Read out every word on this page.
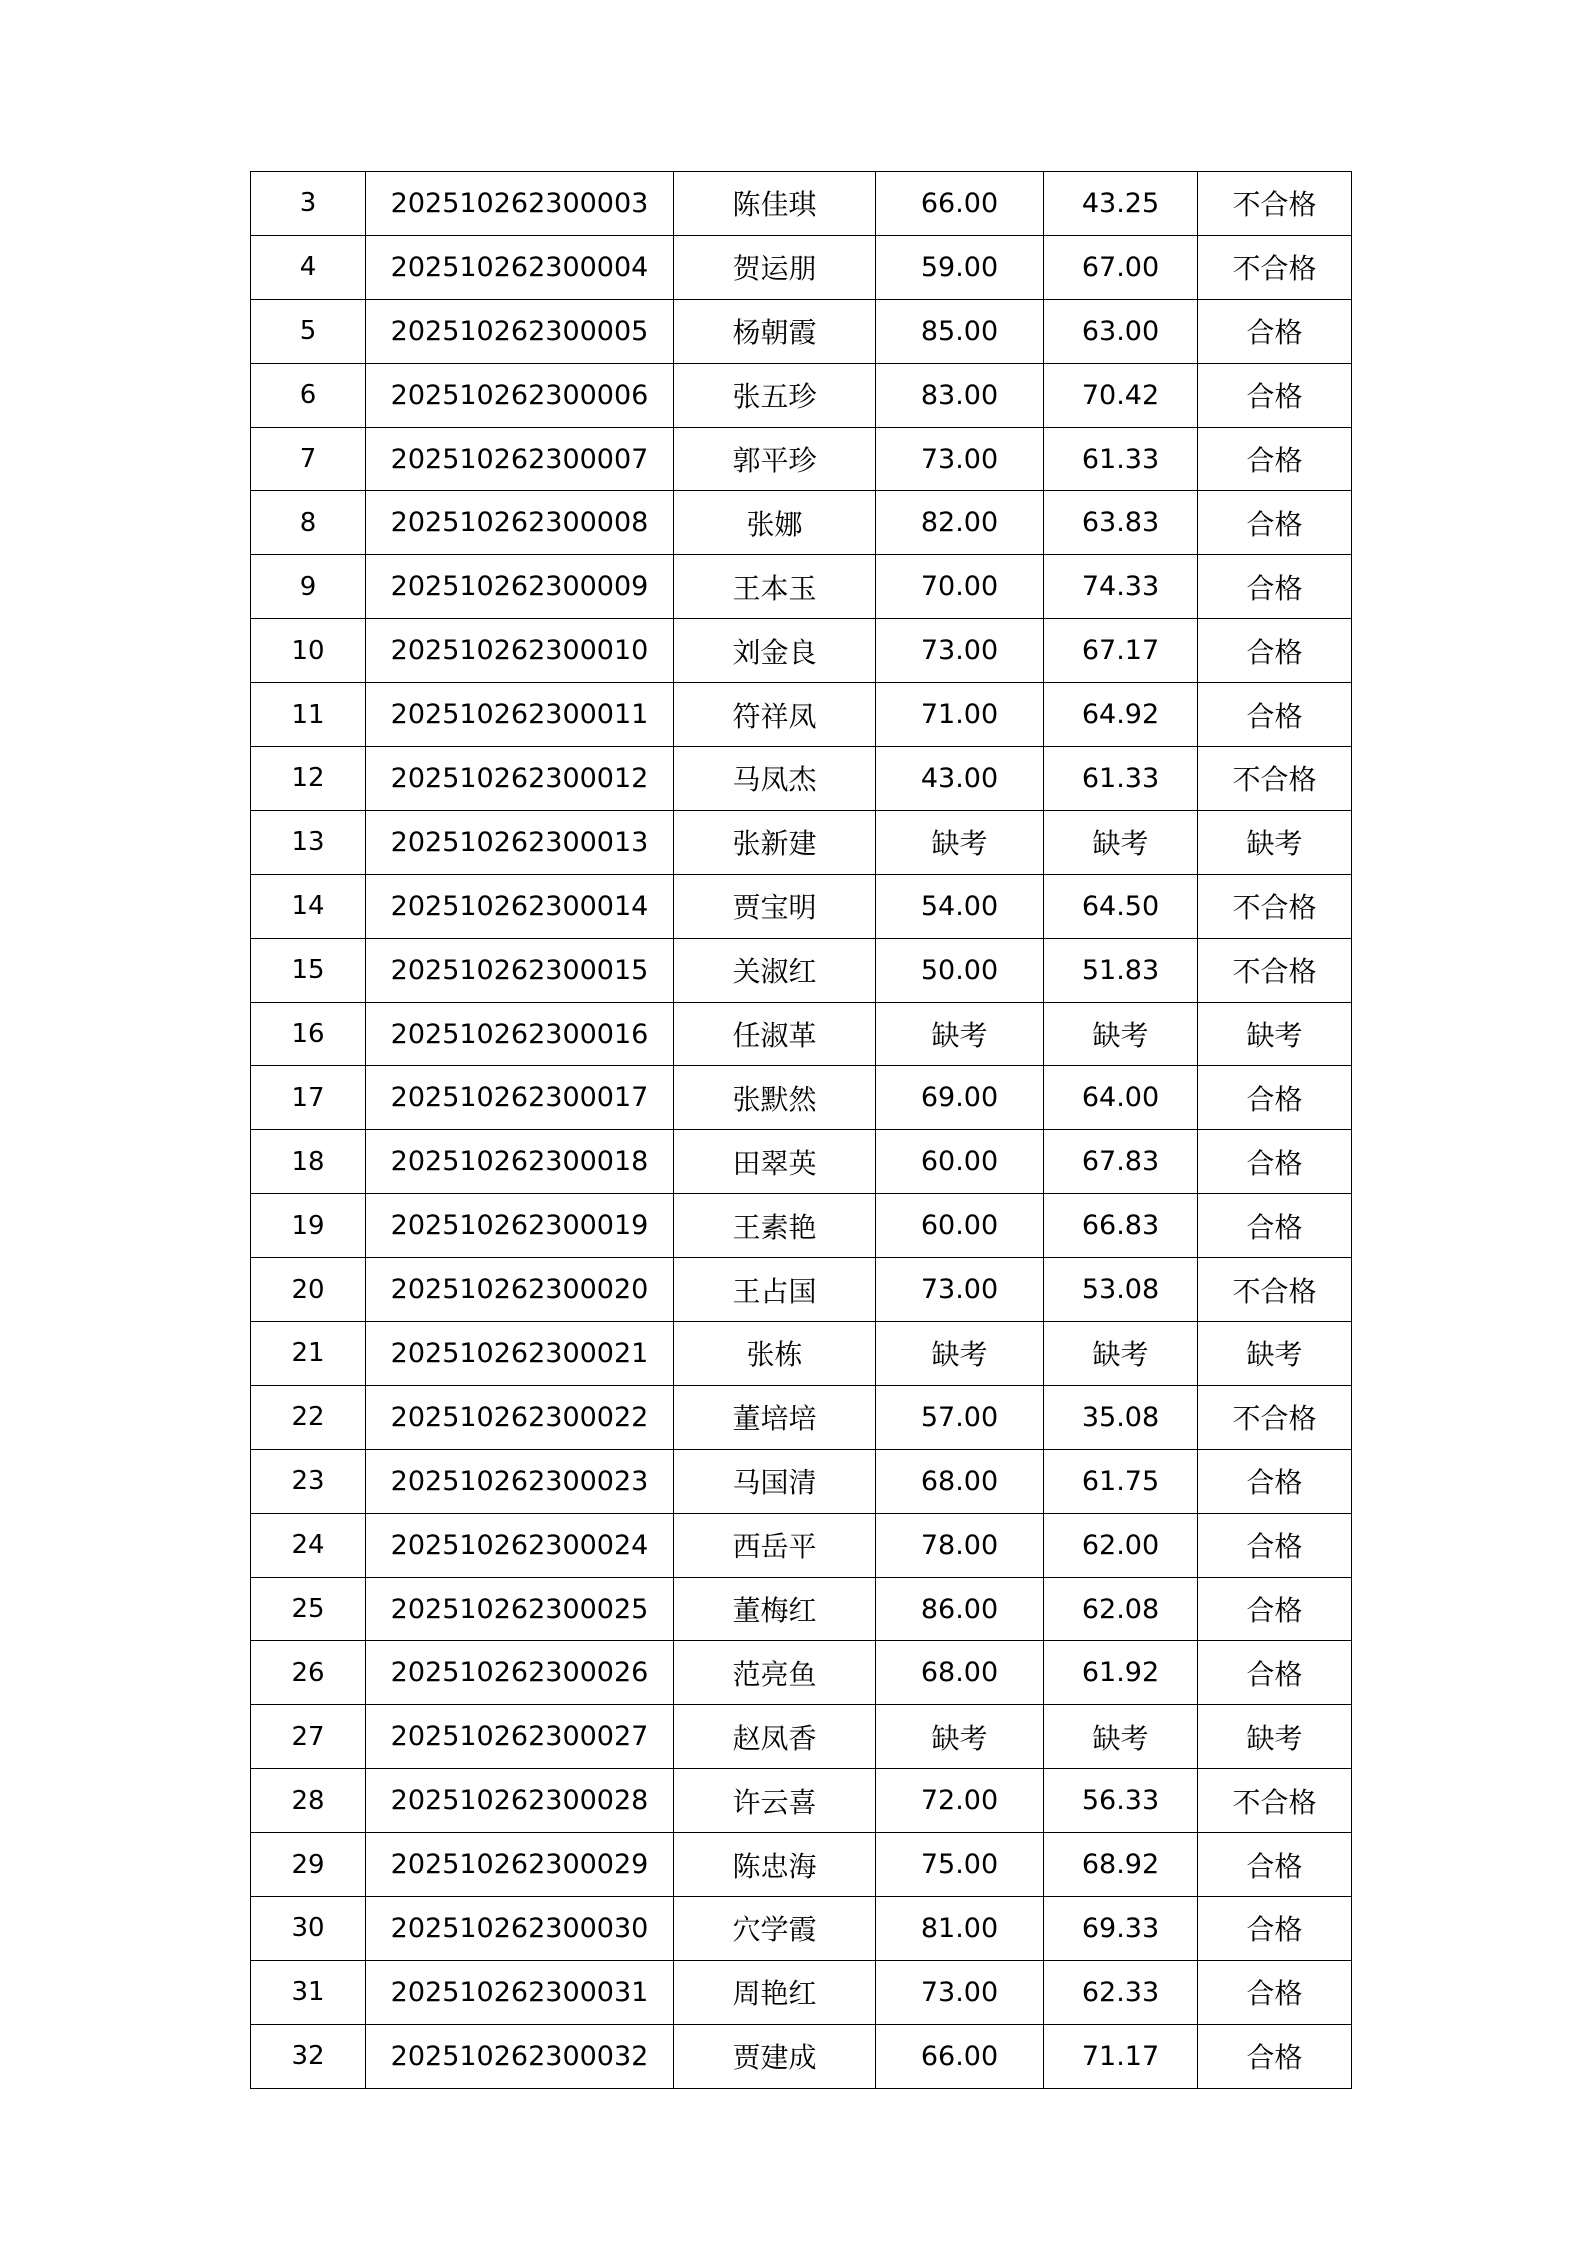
3	202510262300003	陈佳琪	66.00	43.25	不合格
4	202510262300004	贺运朋	59.00	67.00	不合格
5	202510262300005	杨朝霞	85.00	63.00	合格
6	202510262300006	张五珍	83.00	70.42	合格
7	202510262300007	郭平珍	73.00	61.33	合格
8	202510262300008	张娜	82.00	63.83	合格
9	202510262300009	王本玉	70.00	74.33	合格
10	202510262300010	刘金良	73.00	67.17	合格
11	202510262300011	符祥凤	71.00	64.92	合格
12	202510262300012	马凤杰	43.00	61.33	不合格
13	202510262300013	张新建	缺考	缺考	缺考
14	202510262300014	贾宝明	54.00	64.50	不合格
15	202510262300015	关淑红	50.00	51.83	不合格
16	202510262300016	任淑革	缺考	缺考	缺考
17	202510262300017	张默然	69.00	64.00	合格
18	202510262300018	田翠英	60.00	67.83	合格
19	202510262300019	王素艳	60.00	66.83	合格
20	202510262300020	王占国	73.00	53.08	不合格
21	202510262300021	张栋	缺考	缺考	缺考
22	202510262300022	董培培	57.00	35.08	不合格
23	202510262300023	马国清	68.00	61.75	合格
24	202510262300024	西岳平	78.00	62.00	合格
25	202510262300025	董梅红	86.00	62.08	合格
26	202510262300026	范亮鱼	68.00	61.92	合格
27	202510262300027	赵凤香	缺考	缺考	缺考
28	202510262300028	许云喜	72.00	56.33	不合格
29	202510262300029	陈忠海	75.00	68.92	合格
30	202510262300030	穴学霞	81.00	69.33	合格
31	202510262300031	周艳红	73.00	62.33	合格
32	202510262300032	贾建成	66.00	71.17	合格
